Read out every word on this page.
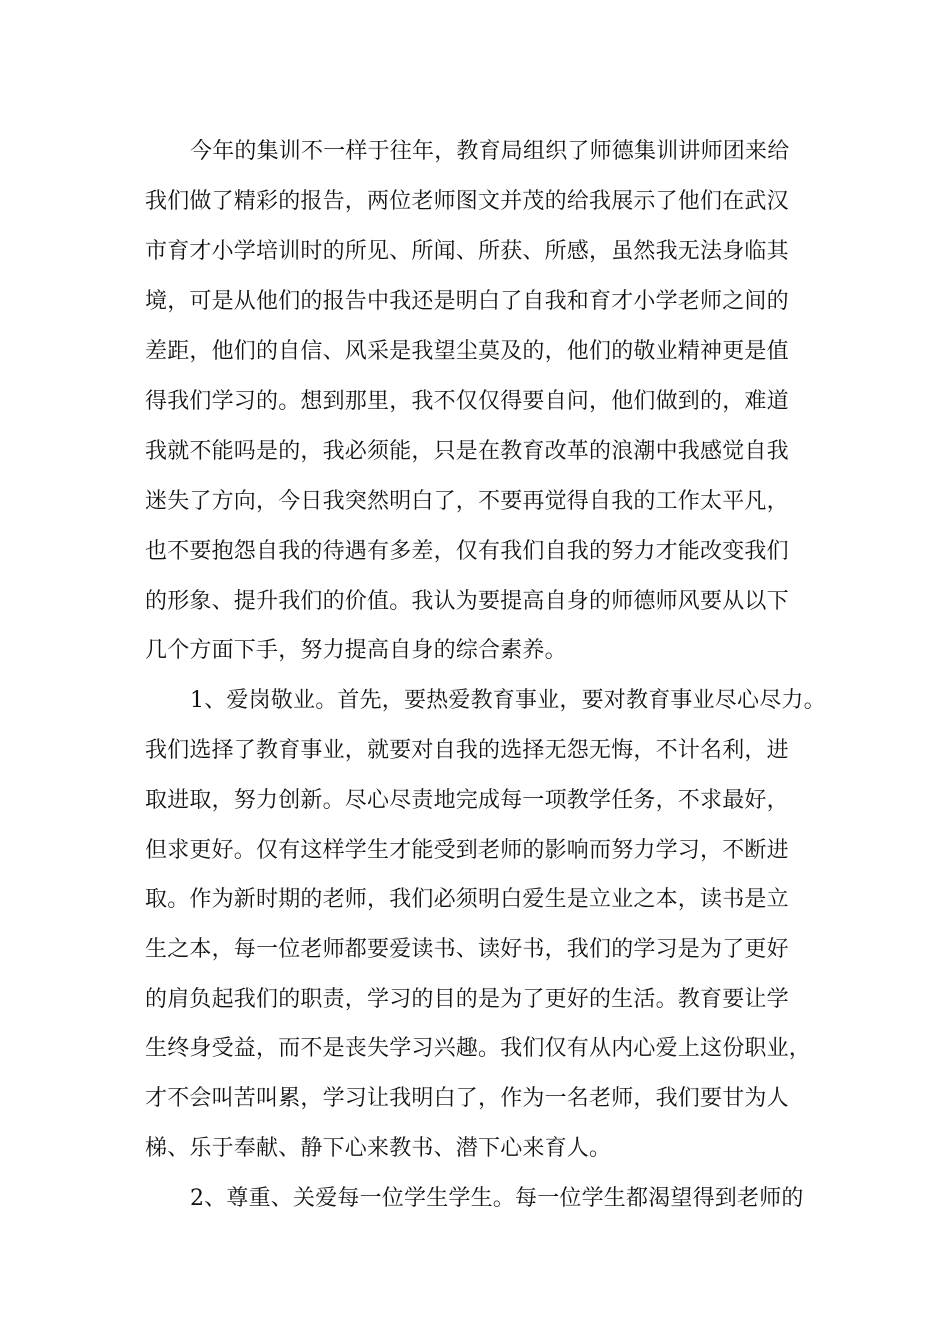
今年的集训不一样于往年，教育局组织了师德集训讲师团来给

我们做了精彩的报告，两位老师图文并茂的给我展示了他们在武汉

市育才小学培训时的所见、所闻、所获、所感，虽然我无法身临其

境，可是从他们的报告中我还是明白了自我和育才小学老师之间的

差距，他们的自信、风采是我望尘莫及的，他们的敬业精神更是值

得我们学习的。想到那里，我不仅仅得要自问，他们做到的，难道

我就不能吗是的，我必须能，只是在教育改革的浪潮中我感觉自我

迷失了方向，今日我突然明白了，不要再觉得自我的工作太平凡，

也不要抱怨自我的待遇有多差，仅有我们自我的努力才能改变我们

的形象、提升我们的价值。我认为要提高自身的师德师风要从以下

几个方面下手，努力提高自身的综合素养。

1、爱岗敬业。首先，要热爱教育事业，要对教育事业尽心尽力。

我们选择了教育事业，就要对自我的选择无怨无悔，不计名利，进

取进取，努力创新。尽心尽责地完成每一项教学任务，不求最好，

但求更好。仅有这样学生才能受到老师的影响而努力学习，不断进

取。作为新时期的老师，我们必须明白爱生是立业之本，读书是立

生之本，每一位老师都要爱读书、读好书，我们的学习是为了更好

的肩负起我们的职责，学习的目的是为了更好的生活。教育要让学

生终身受益，而不是丧失学习兴趣。我们仅有从内心爱上这份职业，

才不会叫苦叫累，学习让我明白了，作为一名老师，我们要甘为人

梯、乐于奉献、静下心来教书、潜下心来育人。

2、尊重、关爱每一位学生学生。每一位学生都渴望得到老师的
